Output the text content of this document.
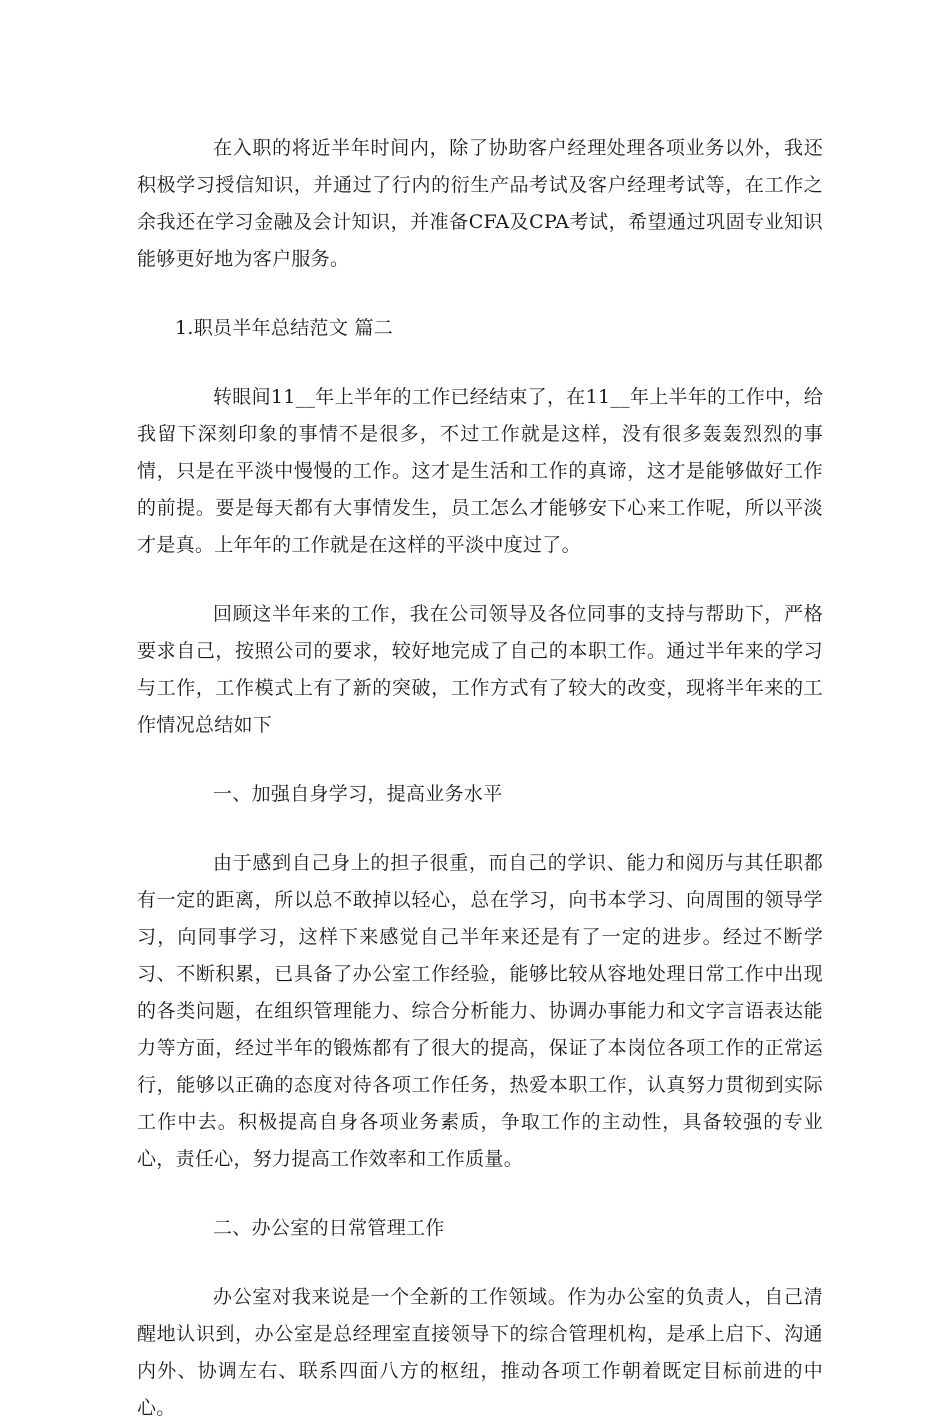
在入职的将近半年时间内，除了协助客户经理处理各项业务以外，我还积极学习授信知识，并通过了行内的衍生产品考试及客户经理考试等，在工作之余我还在学习金融及会计知识，并准备CFA及CPA考试，希望通过巩固专业知识能够更好地为客户服务。

1.职员半年总结范文 篇二

转眼间11__年上半年的工作已经结束了，在11__年上半年的工作中，给我留下深刻印象的事情不是很多，不过工作就是这样，没有很多轰轰烈烈的事情，只是在平淡中慢慢的工作。这才是生活和工作的真谛，这才是能够做好工作的前提。要是每天都有大事情发生，员工怎么才能够安下心来工作呢，所以平淡才是真。上年年的工作就是在这样的平淡中度过了。

回顾这半年来的工作，我在公司领导及各位同事的支持与帮助下，严格要求自己，按照公司的要求，较好地完成了自己的本职工作。通过半年来的学习与工作，工作模式上有了新的突破，工作方式有了较大的改变，现将半年来的工作情况总结如下

一、加强自身学习，提高业务水平

由于感到自己身上的担子很重，而自己的学识、能力和阅历与其任职都有一定的距离，所以总不敢掉以轻心，总在学习，向书本学习、向周围的领导学习，向同事学习，这样下来感觉自己半年来还是有了一定的进步。经过不断学习、不断积累，已具备了办公室工作经验，能够比较从容地处理日常工作中出现的各类问题，在组织管理能力、综合分析能力、协调办事能力和文字言语表达能力等方面，经过半年的锻炼都有了很大的提高，保证了本岗位各项工作的正常运行，能够以正确的态度对待各项工作任务，热爱本职工作，认真努力贯彻到实际工作中去。积极提高自身各项业务素质，争取工作的主动性，具备较强的专业心，责任心，努力提高工作效率和工作质量。

二、办公室的日常管理工作

办公室对我来说是一个全新的工作领域。作为办公室的负责人，自己清醒地认识到，办公室是总经理室直接领导下的综合管理机构，是承上启下、沟通内外、协调左右、联系四面八方的枢纽，推动各项工作朝着既定目标前进的中心。
